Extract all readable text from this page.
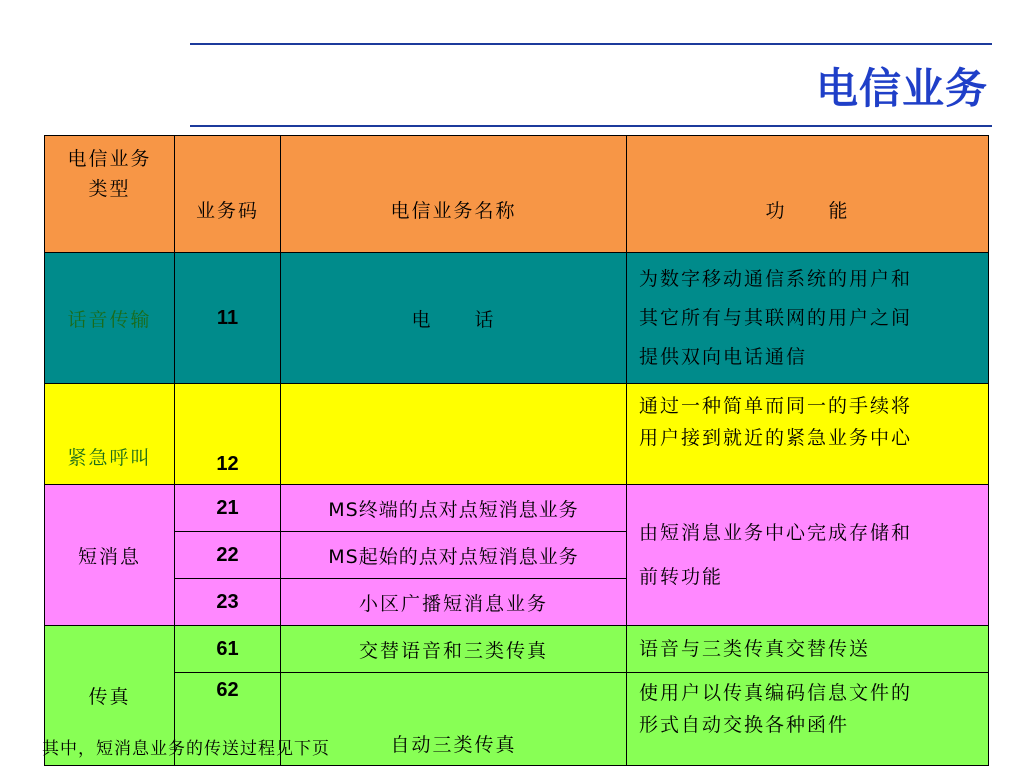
电信业务
电信业务
类型	业务码	电信业务名称	功　　能
话音传输	11	电　　话	为数字移动通信系统的用户和
其它所有与其联网的用户之间
提供双向电话通信

紧急呼叫	12		通过一种简单而同一的手续将
用户接到就近的紧急业务中心

短消息	21	MS终端的点对点短消息业务	由短消息业务中心完成存储和
前转功能

	22	MS起始的点对点短消息业务	
	23	小区广播短消息业务	
传真	61	交替语音和三类传真	语音与三类传真交替传送

	62	自动三类传真	使用户以传真编码信息文件的
形式自动交换各种函件
其中，短消息业务的传送过程见下页
